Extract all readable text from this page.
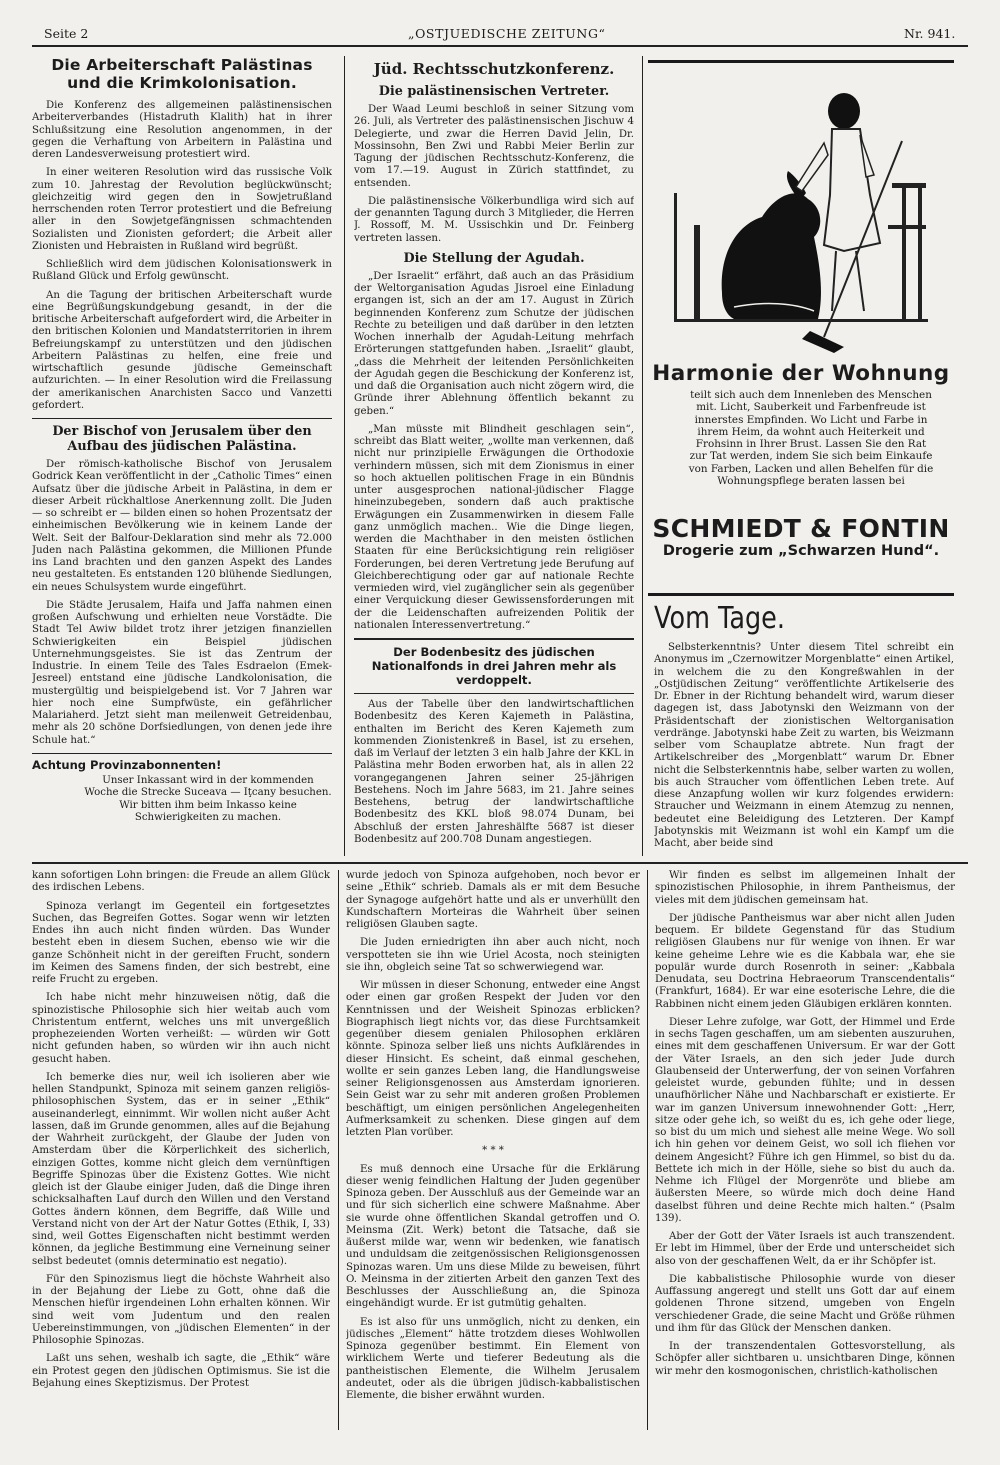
Seite 2	„OSTJUEDISCHE ZEITUNG“	Nr. 941.
Die Arbeiterschaft Palästinas und die Krimkolonisation.

Die Konferenz des allgemeinen palästinensischen Arbeiterverbandes (Histadruth Klalith) hat in ihrer Schlußsitzung eine Resolution angenommen, in der gegen die Verhaftung von Arbeitern in Palästina und deren Landesverweisung protestiert wird.

In einer weiteren Resolution wird das russische Volk zum 10. Jahrestag der Revolution beglückwünscht; gleichzeitig wird gegen den in Sowjetrußland herrschenden roten Terror protestiert und die Befreiung aller in den Sowjetgefängnissen schmachtenden Sozialisten und Zionisten gefordert; die Arbeit aller Zionisten und Hebraisten in Rußland wird begrüßt.

Schließlich wird dem jüdischen Kolonisationswerk in Rußland Glück und Erfolg gewünscht.

An die Tagung der britischen Arbeiterschaft wurde eine Begrüßungskundgebung gesandt, in der die britische Arbeiterschaft aufgefordert wird, die Arbeiter in den britischen Kolonien und Mandatsterritorien in ihrem Befreiungskampf zu unterstützen und den jüdischen Arbeitern Palästinas zu helfen, eine freie und wirtschaftlich gesunde jüdische Gemeinschaft aufzurichten. — In einer Resolution wird die Freilassung der amerikanischen Anarchisten Sacco und Vanzetti gefordert.

Der Bischof von Jerusalem über den Aufbau des jüdischen Palästina.

Der römisch-katholische Bischof von Jerusalem Godrick Kean veröffentlicht in der „Catholic Times“ einen Aufsatz über die jüdische Arbeit in Palästina, in dem er dieser Arbeit rückhaltlose Anerkennung zollt. Die Juden — so schreibt er — bilden einen so hohen Prozentsatz der einheimischen Bevölkerung wie in keinem Lande der Welt. Seit der Balfour-Deklaration sind mehr als 72.000 Juden nach Palästina gekommen, die Millionen Pfunde ins Land brachten und den ganzen Aspekt des Landes neu gestalteten. Es entstanden 120 blühende Siedlungen, ein neues Schulsystem wurde eingeführt.

Die Städte Jerusalem, Haifa und Jaffa nahmen einen großen Aufschwung und erhielten neue Vorstädte. Die Stadt Tel Awiw bildet trotz ihrer jetzigen finanziellen Schwierigkeiten ein Beispiel jüdischen Unternehmungsgeistes. Sie ist das Zentrum der Industrie. In einem Teile des Tales Esdraelon (Emek-Jesreel) entstand eine jüdische Landkolonisation, die mustergültig und beispielgebend ist. Vor 7 Jahren war hier noch eine Sumpfwüste, ein gefährlicher Malariaherd. Jetzt sieht man meilenweit Getreidenbau, mehr als 20 schöne Dorfsiedlungen, von denen jede ihre Schule hat.“

Achtung Provinzabonnenten!

Unser Inkassant wird in der kommenden Woche die Strecke Suceava — Iţcany besuchen. Wir bitten ihm beim Inkasso keine Schwierigkeiten zu machen.

Jüd. Rechtsschutzkonferenz.
Die palästinensischen Vertreter.

Der Waad Leumi beschloß in seiner Sitzung vom 26. Juli, als Vertreter des palästinensischen Jischuw 4 Delegierte, und zwar die Herren David Jelin, Dr. Mossinsohn, Ben Zwi und Rabbi Meier Berlin zur Tagung der jüdischen Rechtsschutz-Konferenz, die vom 17.—19. August in Zürich stattfindet, zu entsenden.

Die palästinensische Völkerbundliga wird sich auf der genannten Tagung durch 3 Mitglieder, die Herren J. Rossoff, M. M. Ussischkin und Dr. Feinberg vertreten lassen.

Die Stellung der Agudah.

„Der Israelit“ erfährt, daß auch an das Präsidium der Weltorganisation Agudas Jisroel eine Einladung ergangen ist, sich an der am 17. August in Zürich beginnenden Konferenz zum Schutze der jüdischen Rechte zu beteiligen und daß darüber in den letzten Wochen innerhalb der Agudah-Leitung mehrfach Erörterungen stattgefunden haben. „Israelit“ glaubt, „dass die Mehrheit der leitenden Persönlichkeiten der Agudah gegen die Beschickung der Konferenz ist, und daß die Organisation auch nicht zögern wird, die Gründe ihrer Ablehnung öffentlich bekannt zu geben.“

„Man müsste mit Blindheit geschlagen sein“, schreibt das Blatt weiter, „wollte man verkennen, daß nicht nur prinzipielle Erwägungen die Orthodoxie verhindern müssen, sich mit dem Zionismus in einer so hoch aktuellen politischen Frage in ein Bündnis unter ausgesprochen national-jüdischer Flagge hineinzubegeben, sondern daß auch praktische Erwägungen ein Zusammenwirken in diesem Falle ganz unmöglich machen.. Wie die Dinge liegen, werden die Machthaber in den meisten östlichen Staaten für eine Berücksichtigung rein religiöser Forderungen, bei deren Vertretung jede Berufung auf Gleichberechtigung oder gar auf nationale Rechte vermieden wird, viel zugänglicher sein als gegenüber einer Verquickung dieser Gewissensforderungen mit der die Leidenschaften aufreizenden Politik der nationalen Interessenvertretung.“

Der Bodenbesitz des jüdischen Nationalfonds in drei Jahren mehr als verdoppelt.

Aus der Tabelle über den landwirtschaftlichen Bodenbesitz des Keren Kajemeth in Palästina, enthalten im Bericht des Keren Kajemeth zum kommenden Zionistenkreß in Basel, ist zu ersehen, daß im Verlauf der letzten 3 ein halb Jahre der KKL in Palästina mehr Boden erworben hat, als in allen 22 vorangegangenen Jahren seiner 25-jährigen Bestehens. Noch im Jahre 5683, im 21. Jahre seines Bestehens, betrug der landwirtschaftliche Bodenbesitz des KKL bloß 98.074 Dunam, bei Abschluß der ersten Jahreshälfte 5687 ist dieser Bodenbesitz auf 200.708 Dunam angestiegen.

Harmonie der Wohnung
teilt sich auch dem Innenleben des Menschen mit. Licht, Sauberkeit und Farbenfreude ist innerstes Empfinden. Wo Licht und Farbe in ihrem Heim, da wohnt auch Heiterkeit und Frohsinn in Ihrer Brust. Lassen Sie den Rat zur Tat werden, indem Sie sich beim Einkaufe von Farben, Lacken und allen Behelfen für die Wohnungspflege beraten lassen bei
SCHMIEDT & FONTIN
Drogerie zum „Schwarzen Hund“.
Vom Tage.

Selbsterkenntnis? Unter diesem Titel schreibt ein Anonymus im „Czernowitzer Morgenblatte“ einen Artikel, in welchem die zu den Kongreßwahlen in der „Ostjüdischen Zeitung“ veröffentlichte Artikelserie des Dr. Ebner in der Richtung behandelt wird, warum dieser dagegen ist, dass Jabotynski den Weizmann von der Präsidentschaft der zionistischen Weltorganisation verdränge. Jabotynski habe Zeit zu warten, bis Weizmann selber vom Schauplatze abtrete. Nun fragt der Artikelschreiber des „Morgenblatt“ warum Dr. Ebner nicht die Selbsterkenntnis habe, selber warten zu wollen, bis auch Straucher vom öffentlichen Leben trete. Auf diese Anzapfung wollen wir kurz folgendes erwidern: Straucher und Weizmann in einem Atemzug zu nennen, bedeutet eine Beleidigung des Letzteren. Der Kampf Jabotynskis mit Weizmann ist wohl ein Kampf um die Macht, aber beide sind

kann sofortigen Lohn bringen: die Freude an allem Glück des irdischen Lebens.

Spinoza verlangt im Gegenteil ein fortgesetztes Suchen, das Begreifen Gottes. Sogar wenn wir letzten Endes ihn auch nicht finden würden. Das Wunder besteht eben in diesem Suchen, ebenso wie wir die ganze Schönheit nicht in der gereiften Frucht, sondern im Keimen des Samens finden, der sich bestrebt, eine reife Frucht zu ergeben.

Ich habe nicht mehr hinzuweisen nötig, daß die spinozistische Philosophie sich hier weitab auch vom Christentum entfernt, welches uns mit unvergeßlich prophezeienden Worten verheißt: — würden wir Gott nicht gefunden haben, so würden wir ihn auch nicht gesucht haben.

Ich bemerke dies nur, weil ich isolieren aber wie hellen Standpunkt, Spinoza mit seinem ganzen religiös-philosophischen System, das er in seiner „Ethik“ auseinanderlegt, einnimmt. Wir wollen nicht außer Acht lassen, daß im Grunde genommen, alles auf die Bejahung der Wahrheit zurückgeht, der Glaube der Juden von Amsterdam über die Körperlichkeit des sicherlich, einzigen Gottes, komme nicht gleich dem vernünftigen Begriffe Spinozas über die Existenz Gottes. Wie nicht gleich ist der Glaube einiger Juden, daß die Dinge ihren schicksalhaften Lauf durch den Willen und den Verstand Gottes ändern können, dem Begriffe, daß Wille und Verstand nicht von der Art der Natur Gottes (Ethik, I, 33) sind, weil Gottes Eigenschaften nicht bestimmt werden können, da jegliche Bestimmung eine Verneinung seiner selbst bedeutet (omnis determinatio est negatio).

Für den Spinozismus liegt die höchste Wahrheit also in der Bejahung der Liebe zu Gott, ohne daß die Menschen hiefür irgendeinen Lohn erhalten können. Wir sind weit vom Judentum und den realen Uebereinstimmungen, von „jüdischen Elementen“ in der Philosophie Spinozas.

Laßt uns sehen, weshalb ich sagte, die „Ethik“ wäre ein Protest gegen den jüdischen Optimismus. Sie ist die Bejahung eines Skeptizismus. Der Protest

wurde jedoch von Spinoza aufgehoben, noch bevor er seine „Ethik“ schrieb. Damals als er mit dem Besuche der Synagoge aufgehört hatte und als er unverhüllt den Kundschaftern Morteiras die Wahrheit über seinen religiösen Glauben sagte.

Die Juden erniedrigten ihn aber auch nicht, noch verspotteten sie ihn wie Uriel Acosta, noch steinigten sie ihn, obgleich seine Tat so schwerwiegend war.

Wir müssen in dieser Schonung, entweder eine Angst oder einen gar großen Respekt der Juden vor den Kenntnissen und der Weisheit Spinozas erblicken? Biographisch liegt nichts vor, das diese Furchtsamkeit gegenüber diesem genialen Philosophen erklären könnte. Spinoza selber ließ uns nichts Aufklärendes in dieser Hinsicht. Es scheint, daß einmal geschehen, wollte er sein ganzes Leben lang, die Handlungsweise seiner Religionsgenossen aus Amsterdam ignorieren. Sein Geist war zu sehr mit anderen großen Problemen beschäftigt, um einigen persönlichen Angelegenheiten Aufmerksamkeit zu schenken. Diese gingen auf dem letzten Plan vorüber.

* * *

Es muß dennoch eine Ursache für die Erklärung dieser wenig feindlichen Haltung der Juden gegenüber Spinoza geben. Der Ausschluß aus der Gemeinde war an und für sich sicherlich eine schwere Maßnahme. Aber sie wurde ohne öffentlichen Skandal getroffen und O. Meinsma (Zit. Werk) betont die Tatsache, daß sie äußerst milde war, wenn wir bedenken, wie fanatisch und unduldsam die zeitgenössischen Religionsgenossen Spinozas waren. Um uns diese Milde zu beweisen, führt O. Meinsma in der zitierten Arbeit den ganzen Text des Beschlusses der Ausschließung an, die Spinoza eingehändigt wurde. Er ist gutmütig gehalten.

Es ist also für uns unmöglich, nicht zu denken, ein jüdisches „Element“ hätte trotzdem dieses Wohlwollen Spinoza gegenüber bestimmt. Ein Element von wirklichem Werte und tieferer Bedeutung als die pantheistischen Elemente, die Wilhelm Jerusalem andeutet, oder als die übrigen jüdisch-kabbalistischen Elemente, die bisher erwähnt wurden.

Wir finden es selbst im allgemeinen Inhalt der spinozistischen Philosophie, in ihrem Pantheismus, der vieles mit dem jüdischen gemeinsam hat.

Der jüdische Pantheismus war aber nicht allen Juden bequem. Er bildete Gegenstand für das Studium religiösen Glaubens nur für wenige von ihnen. Er war keine geheime Lehre wie es die Kabbala war, ehe sie populär wurde durch Rosenroth in seiner: „Kabbala Denudata, seu Doctrina Hebraeorum Transcendentalis“ (Frankfurt, 1684). Er war eine esoterische Lehre, die die Rabbinen nicht einem jeden Gläubigen erklären konnten.

Dieser Lehre zufolge, war Gott, der Himmel und Erde in sechs Tagen geschaffen, um am siebenten auszuruhen, eines mit dem geschaffenen Universum. Er war der Gott der Väter Israels, an den sich jeder Jude durch Glaubenseid der Unterwerfung, der von seinen Vorfahren geleistet wurde, gebunden fühlte; und in dessen unaufhörlicher Nähe und Nachbarschaft er existierte. Er war im ganzen Universum innewohnender Gott: „Herr, sitze oder gehe ich, so weißt du es, ich gehe oder liege, so bist du um mich und siehest alle meine Wege. Wo soll ich hin gehen vor deinem Geist, wo soll ich fliehen vor deinem Angesicht? Führe ich gen Himmel, so bist du da. Bettete ich mich in der Hölle, siehe so bist du auch da. Nehme ich Flügel der Morgenröte und bliebe am äußersten Meere, so würde mich doch deine Hand daselbst führen und deine Rechte mich halten.“ (Psalm 139).

Aber der Gott der Väter Israels ist auch transzendent. Er lebt im Himmel, über der Erde und unterscheidet sich also von der geschaffenen Welt, da er ihr Schöpfer ist.

Die kabbalistische Philosophie wurde von dieser Auffassung angeregt und stellt uns Gott dar auf einem goldenen Throne sitzend, umgeben von Engeln verschiedener Grade, die seine Macht und Größe rühmen und ihm für das Glück der Menschen danken.

In der transzendentalen Gottesvorstellung, als Schöpfer aller sichtbaren u. unsichtbaren Dinge, können wir mehr den kosmogonischen, christlich-katholischen
